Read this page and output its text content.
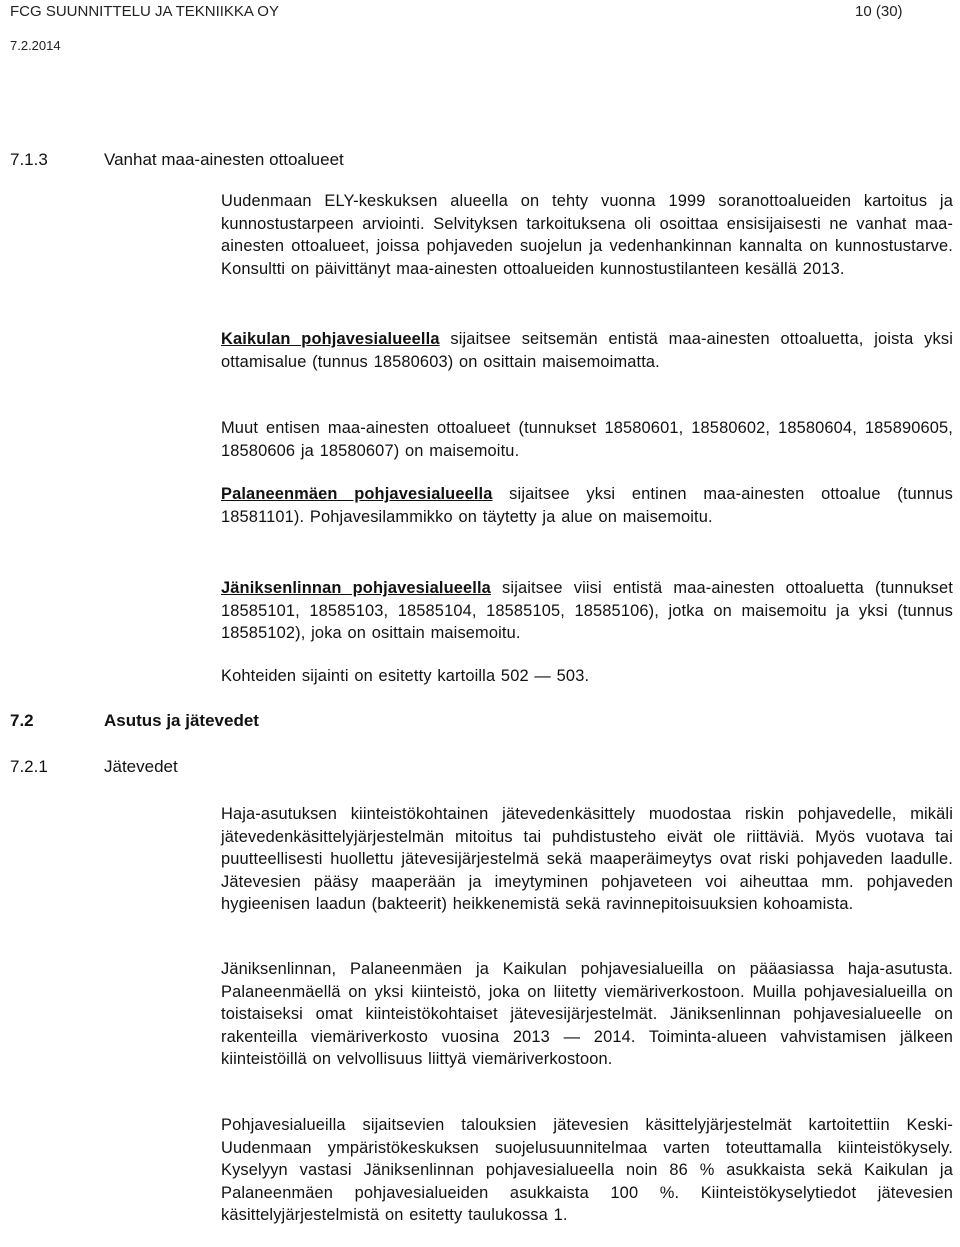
FCG SUUNNITTELU JA TEKNIIKKA OY	10 (30)
7.2.2014
7.1.3	Vanhat maa-ainesten ottoalueet

Uudenmaan ELY-keskuksen alueella on tehty vuonna 1999 soranottoalueiden kartoitus ja kunnostustarpeen arviointi. Selvityksen tarkoituksena oli osoittaa ensisijaisesti ne vanhat maa-ainesten ottoalueet, joissa pohjaveden suojelun ja vedenhankinnan kannalta on kunnostustarve. Konsultti on päivittänyt maa-ainesten ottoalueiden kunnostustilanteen kesällä 2013.

Kaikulan pohjavesialueella sijaitsee seitsemän entistä maa-ainesten ottoaluetta, joista yksi ottamisalue (tunnus 18580603) on osittain maisemoimatta.

Muut entisen maa-ainesten ottoalueet (tunnukset 18580601, 18580602, 18580604, 185890605, 18580606 ja 18580607) on maisemoitu.

Palaneenmäen pohjavesialueella sijaitsee yksi entinen maa-ainesten ottoalue (tunnus 18581101). Pohjavesilammikko on täytetty ja alue on maisemoitu.

Jäniksenlinnan pohjavesialueella sijaitsee viisi entistä maa-ainesten ottoaluetta (tunnukset 18585101, 18585103, 18585104, 18585105, 18585106), jotka on maisemoitu ja yksi (tunnus 18585102), joka on osittain maisemoitu.

Kohteiden sijainti on esitetty kartoilla 502 — 503.

7.2	Asutus ja jätevedet
7.2.1	Jätevedet

Haja-asutuksen kiinteistökohtainen jätevedenkäsittely muodostaa riskin pohjavedelle, mikäli jätevedenkäsittelyjärjestelmän mitoitus tai puhdistusteho eivät ole riittäviä. Myös vuotava tai puutteellisesti huollettu jätevesijärjestelmä sekä maaperäimeytys ovat riski pohjaveden laadulle. Jätevesien pääsy maaperään ja imeytyminen pohjaveteen voi aiheuttaa mm. pohjaveden hygieenisen laadun (bakteerit) heikkenemistä sekä ravinnepitoisuuksien kohoamista.

Jäniksenlinnan, Palaneenmäen ja Kaikulan pohjavesialueilla on pääasiassa haja-asutusta. Palaneenmäellä on yksi kiinteistö, joka on liitetty viemäriverkostoon. Muilla pohjavesialueilla on toistaiseksi omat kiinteistökohtaiset jätevesijärjestelmät. Jäniksenlinnan pohjavesialueelle on rakenteilla viemäriverkosto vuosina 2013 — 2014. Toiminta-alueen vahvistamisen jälkeen kiinteistöillä on velvollisuus liittyä viemäriverkostoon.

Pohjavesialueilla sijaitsevien talouksien jätevesien käsittelyjärjestelmät kartoitettiin Keski-Uudenmaan ympäristökeskuksen suojelusuunnitelmaa varten toteuttamalla kiinteistökysely. Kyselyyn vastasi Jäniksenlinnan pohjavesialueella noin 86 % asukkaista sekä Kaikulan ja Palaneenmäen pohjavesialueiden asukkaista 100 %. Kiinteistökyselytiedot jätevesien käsittelyjärjestelmistä on esitetty taulukossa 1.
